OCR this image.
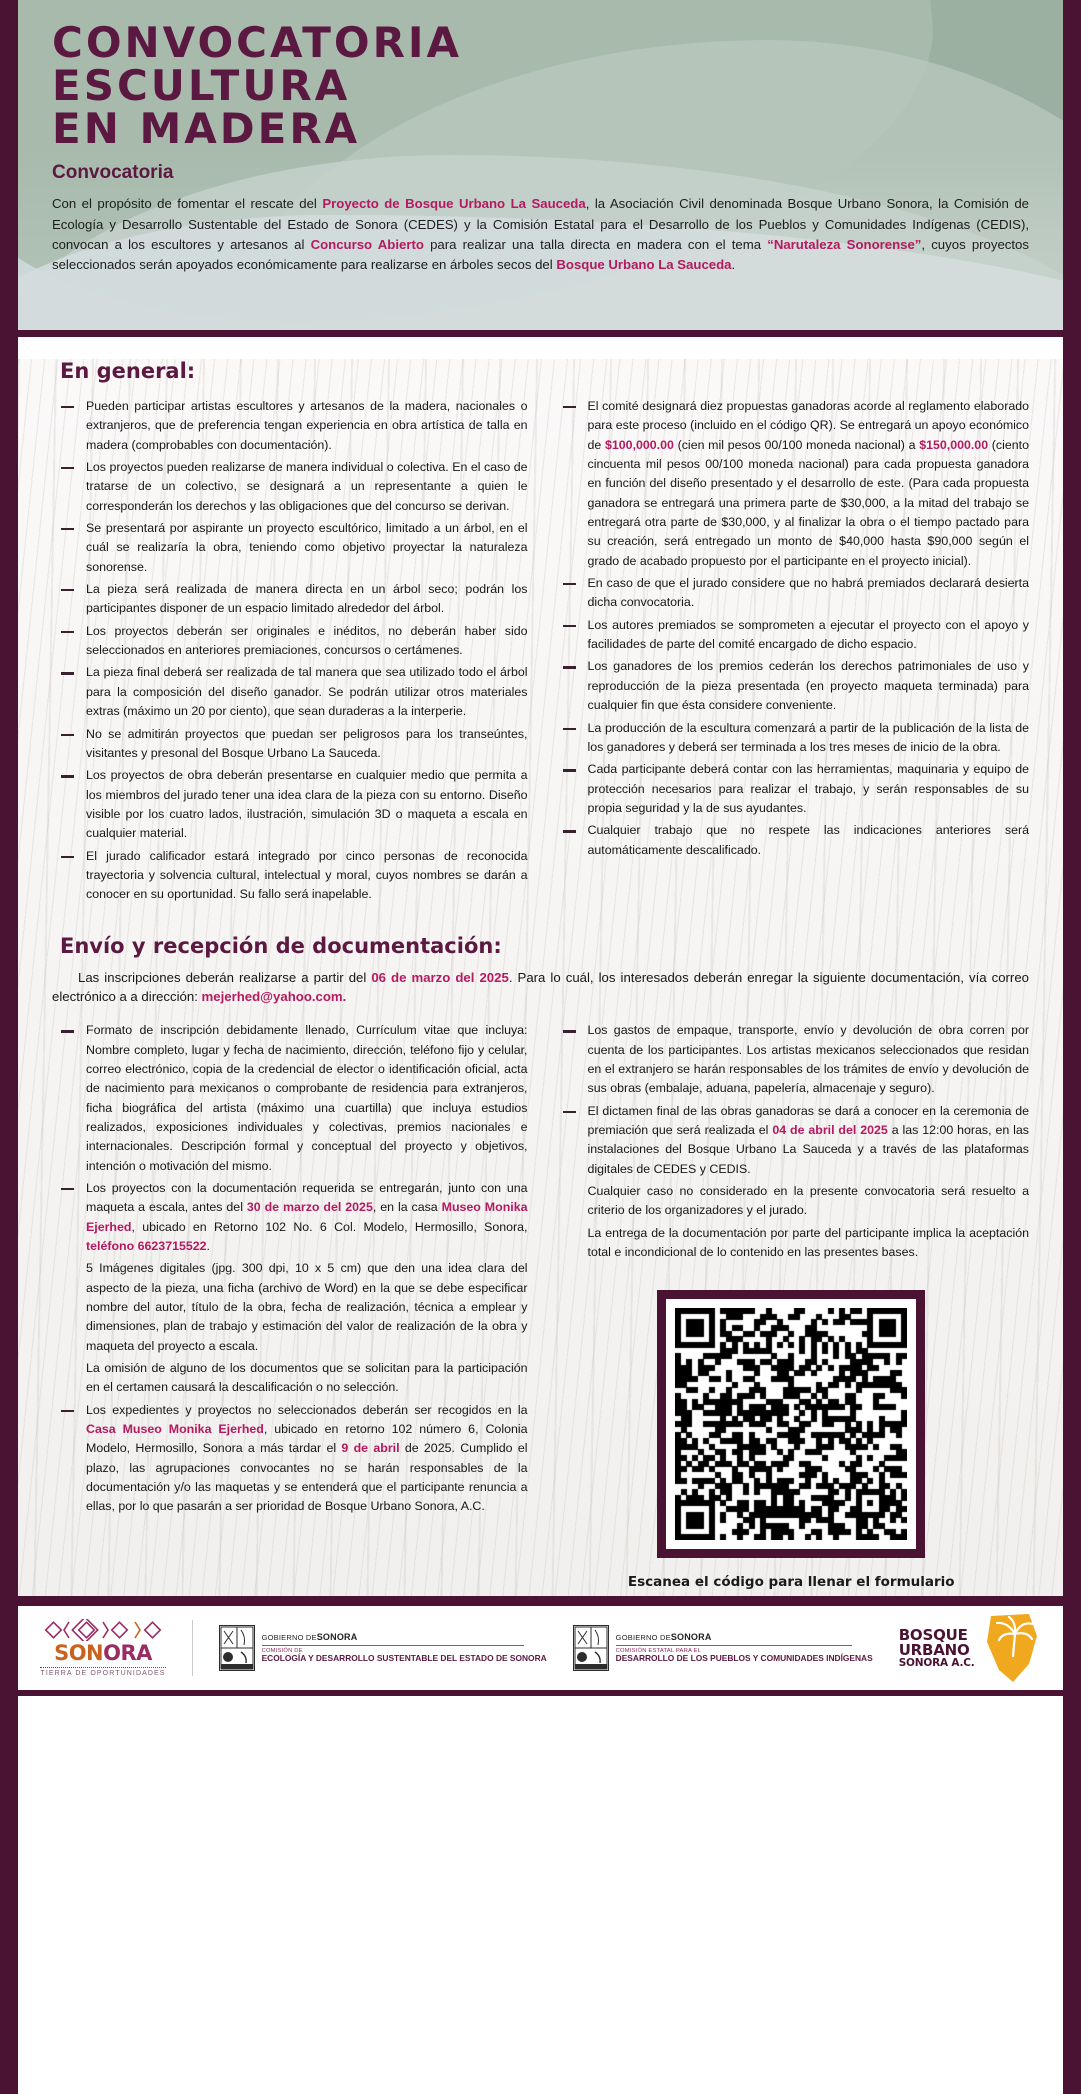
CONVOCATORIA
ESCULTURA
EN MADERA
Convocatoria

Con el propósito de fomentar el rescate del Proyecto de Bosque Urbano La Sauceda, la Asociación Civil denominada Bosque Urbano Sonora, la Comisión de Ecología y Desarrollo Sustentable del Estado de Sonora (CEDES) y la Comisión Estatal para el Desarrollo de los Pueblos y Comunidades Indígenas (CEDIS), convocan a los escultores y artesanos al Concurso Abierto para realizar una talla directa en madera con el tema “Narutaleza Sonorense”, cuyos proyectos seleccionados serán apoyados económicamente para realizarse en árboles secos del Bosque Urbano La Sauceda.

En general:
Pueden participar artistas escultores y artesanos de la madera, nacionales o extranjeros, que de preferencia tengan experiencia en obra artística de talla en madera (comprobables con documentación).
Los proyectos pueden realizarse de manera individual o colectiva. En el caso de tratarse de un colectivo, se designará a un representante a quien le corresponderán los derechos y las obligaciones que del concurso se derivan.
Se presentará por aspirante un proyecto escultórico, limitado a un árbol, en el cuál se realizaría la obra, teniendo como objetivo proyectar la naturaleza sonorense.
La pieza será realizada de manera directa en un árbol seco; podrán los participantes disponer de un espacio limitado alrededor del árbol.
Los proyectos deberán ser originales e inéditos, no deberán haber sido seleccionados en anteriores premiaciones, concursos o certámenes.
La pieza final deberá ser realizada de tal manera que sea utilizado todo el árbol para la composición del diseño ganador. Se podrán utilizar otros materiales extras (máximo un 20 por ciento), que sean duraderas a la interperie.
No se admitirán proyectos que puedan ser peligrosos para los transeúntes, visitantes y presonal del Bosque Urbano La Sauceda.
Los proyectos de obra deberán presentarse en cualquier medio que permita a los miembros del jurado tener una idea clara de la pieza con su entorno. Diseño visible por los cuatro lados, ilustración, simulación 3D o maqueta a escala en cualquier material.
El jurado calificador estará integrado por cinco personas de reconocida trayectoria y solvencia cultural, intelectual y moral, cuyos nombres se darán a conocer en su oportunidad. Su fallo será inapelable.
El comité designará diez propuestas ganadoras acorde al reglamento elaborado para este proceso (incluido en el código QR). Se entregará un apoyo económico de $100,000.00 (cien mil pesos 00/100 moneda nacional) a $150,000.00 (ciento cincuenta mil pesos 00/100 moneda nacional) para cada propuesta ganadora en función del diseño presentado y el desarrollo de este. (Para cada propuesta ganadora se entregará una primera parte de $30,000, a la mitad del trabajo se entregará otra parte de $30,000, y al finalizar la obra o el tiempo pactado para su creación, será entregado un monto de $40,000 hasta $90,000 según el grado de acabado propuesto por el participante en el proyecto inicial).
En caso de que el jurado considere que no habrá premiados declarará desierta dicha convocatoria.
Los autores premiados se somprometen a ejecutar el proyecto con el apoyo y facilidades de parte del comité encargado de dicho espacio.
Los ganadores de los premios cederán los derechos patrimoniales de uso y reproducción de la pieza presentada (en proyecto maqueta terminada) para cualquier fin que ésta considere conveniente.
La producción de la escultura comenzará a partir de la publicación de la lista de los ganadores y deberá ser terminada a los tres meses de inicio de la obra.
Cada participante deberá contar con las herramientas, maquinaria y equipo de protección necesarios para realizar el trabajo, y serán responsables de su propia seguridad y la de sus ayudantes.
Cualquier trabajo que no respete las indicaciones anteriores será automáticamente descalificado.
Envío y recepción de documentación:

Las inscripciones deberán realizarse a partir del 06 de marzo del 2025. Para lo cuál, los interesados deberán enregar la siguiente documentación, vía correo electrónico a a dirección: mejerhed@yahoo.com.

Formato de inscripción debidamente llenado, Currículum vitae que incluya: Nombre completo, lugar y fecha de nacimiento, dirección, teléfono fijo y celular, correo electrónico, copia de la credencial de elector o identificación oficial, acta de nacimiento para mexicanos o comprobante de residencia para extranjeros, ficha biográfica del artista (máximo una cuartilla) que incluya estudios realizados, exposiciones individuales y colectivas, premios nacionales e internacionales. Descripción formal y conceptual del proyecto y objetivos, intención o motivación del mismo.
Los proyectos con la documentación requerida se entregarán, junto con una maqueta a escala, antes del 30 de marzo del 2025, en la casa Museo Monika Ejerhed, ubicado en Retorno 102 No. 6 Col. Modelo, Hermosillo, Sonora, teléfono 6623715522.
5 Imágenes digitales (jpg. 300 dpi, 10 x 5 cm) que den una idea clara del aspecto de la pieza, una ficha (archivo de Word) en la que se debe especificar nombre del autor, título de la obra, fecha de realización, técnica a emplear y dimensiones, plan de trabajo y estimación del valor de realización de la obra y maqueta del proyecto a escala.
La omisión de alguno de los documentos que se solicitan para la participación en el certamen causará la descalificación o no selección.
Los expedientes y proyectos no seleccionados deberán ser recogidos en la Casa Museo Monika Ejerhed, ubicado en retorno 102 número 6, Colonia Modelo, Hermosillo, Sonora a más tardar el 9 de abril de 2025. Cumplido el plazo, las agrupaciones convocantes no se harán responsables de la documentación y/o las maquetas y se entenderá que el participante renuncia a ellas, por lo que pasarán a ser prioridad de Bosque Urbano Sonora, A.C.
Los gastos de empaque, transporte, envío y devolución de obra corren por cuenta de los participantes. Los artistas mexicanos seleccionados que residan en el extranjero se harán responsables de los trámites de envío y devolución de sus obras (embalaje, aduana, papelería, almacenaje y seguro).
El dictamen final de las obras ganadoras se dará a conocer en la ceremonia de premiación que será realizada el 04 de abril del 2025 a las 12:00 horas, en las instalaciones del Bosque Urbano La Sauceda y a través de las plataformas digitales de CEDES y CEDIS.
Cualquier caso no considerado en la presente convocatoria será resuelto a criterio de los organizadores y el jurado.
La entrega de la documentación por parte del participante implica la aceptación total e incondicional de lo contenido en las presentes bases.
Escanea el código para llenar el formulario
SONORA
TIERRA DE OPORTUNIDADES
GOBIERNO DESONORA
COMISIÓN DE
ECOLOGÍA Y DESARROLLO SUSTENTABLE DEL ESTADO DE SONORA
GOBIERNO DESONORA
COMISIÓN ESTATAL PARA EL
DESARROLLO DE LOS PUEBLOS Y COMUNIDADES INDÍGENAS
BOSQUE
URBANO
SONORA A.C.
